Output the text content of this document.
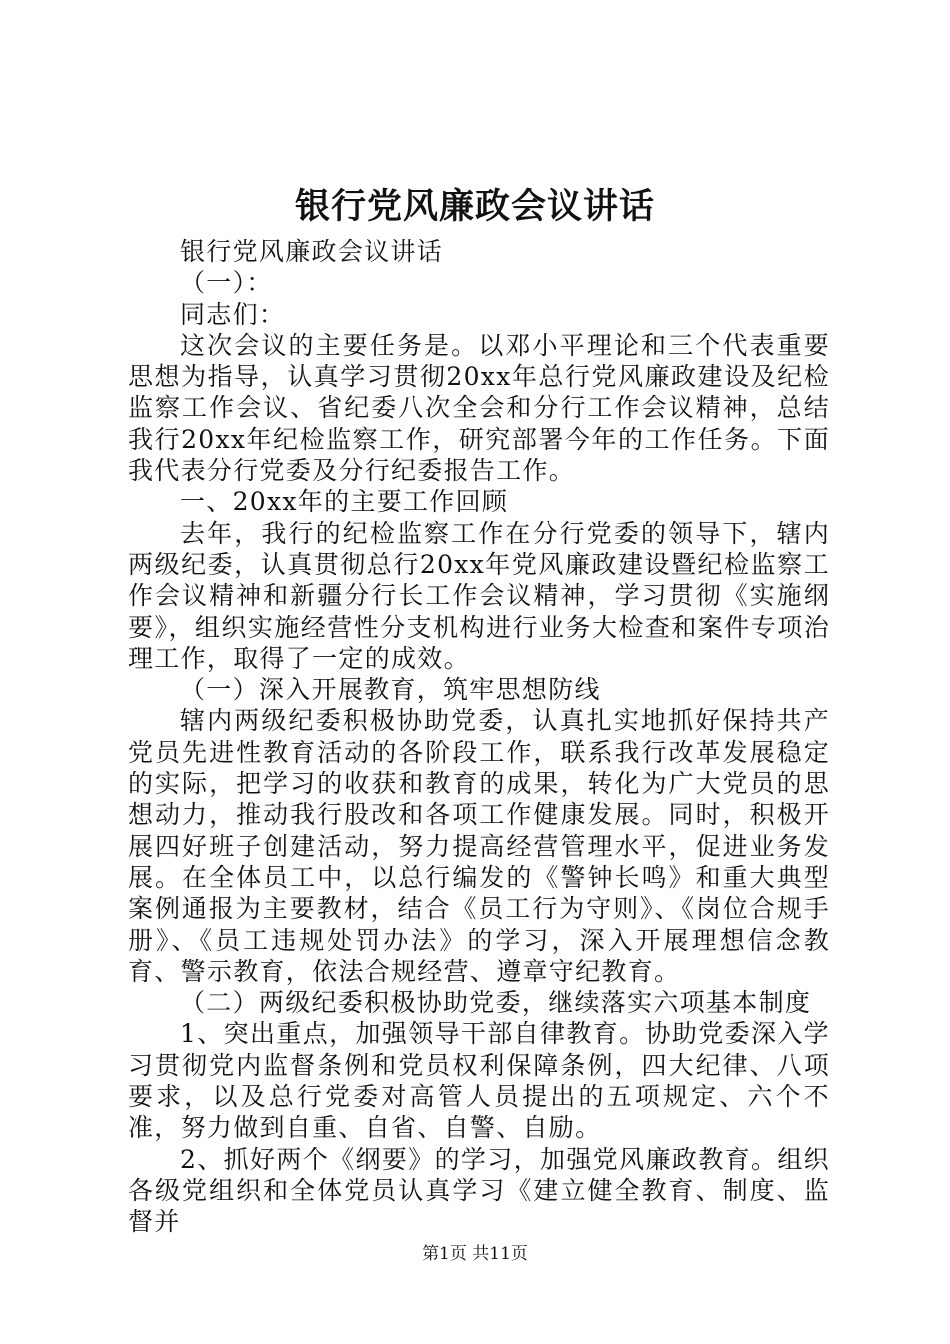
银行党风廉政会议讲话

银行党风廉政会议讲话

（一）：

同志们：

这次会议的主要任务是。以邓小平理论和三个代表重要思想为指导，认真学习贯彻20xx年总行党风廉政建设及纪检监察工作会议、省纪委八次全会和分行工作会议精神，总结我行20xx年纪检监察工作，研究部署今年的工作任务。下面我代表分行党委及分行纪委报告工作。

一、20xx年的主要工作回顾

去年，我行的纪检监察工作在分行党委的领导下，辖内两级纪委，认真贯彻总行20xx年党风廉政建设暨纪检监察工作会议精神和新疆分行长工作会议精神，学习贯彻《实施纲要》，组织实施经营性分支机构进行业务大检查和案件专项治理工作，取得了一定的成效。

（一）深入开展教育，筑牢思想防线

辖内两级纪委积极协助党委，认真扎实地抓好保持共产党员先进性教育活动的各阶段工作，联系我行改革发展稳定的实际，把学习的收获和教育的成果，转化为广大党员的思想动力，推动我行股改和各项工作健康发展。同时，积极开展四好班子创建活动，努力提高经营管理水平，促进业务发展。在全体员工中，以总行编发的《警钟长鸣》和重大典型案例通报为主要教材，结合《员工行为守则》、《岗位合规手册》、《员工违规处罚办法》的学习，深入开展理想信念教育、警示教育，依法合规经营、遵章守纪教育。

（二）两级纪委积极协助党委，继续落实六项基本制度

1、突出重点，加强领导干部自律教育。协助党委深入学习贯彻党内监督条例和党员权利保障条例，四大纪律、八项要求，以及总行党委对高管人员提出的五项规定、六个不准，努力做到自重、自省、自警、自励。

2、抓好两个《纲要》的学习，加强党风廉政教育。组织各级党组织和全体党员认真学习《建立健全教育、制度、监督并

第1页 共11页
